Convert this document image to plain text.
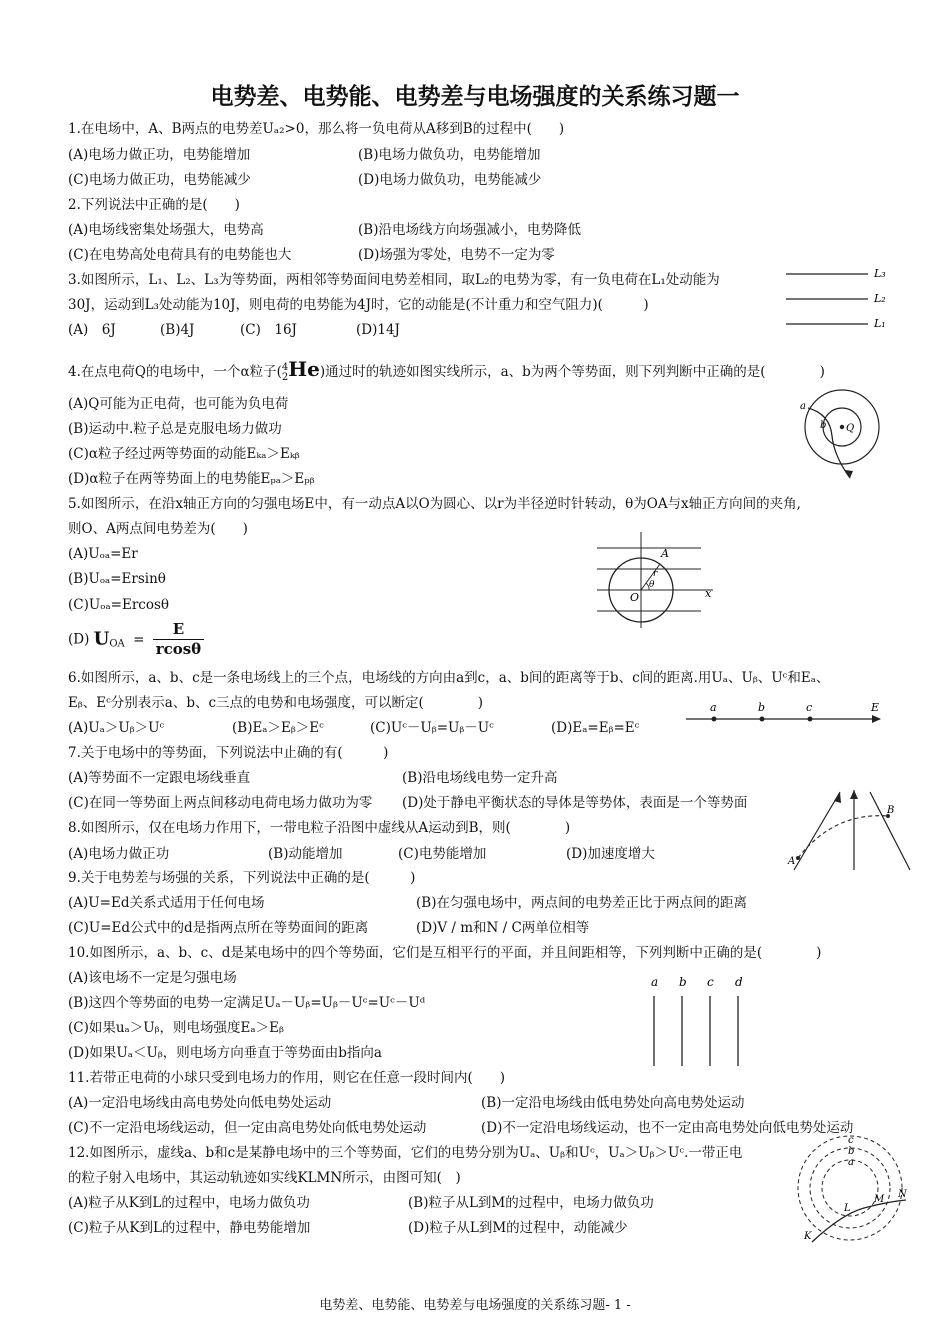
电势差、电势能、电势差与电场强度的关系练习题一
1.在电场中，A、B两点的电势差Uₐ₂>0，那么将一负电荷从A移到B的过程中(　　)
(A)电场力做正功，电势能增加	(B)电场力做负功，电势能增加
(C)电场力做正功，电势能减少	(D)电场力做负功，电势能减少
2.下列说法中正确的是(　　)
(A)电场线密集处场强大，电势高	(B)沿电场线方向场强减小，电势降低
(C)在电势高处电荷具有的电势能也大	(D)场强为零处，电势不一定为零
3.如图所示，L₁、L₂、L₃为等势面，两相邻等势面间电势差相同，取L₂的电势为零，有一负电荷在L₁处动能为
30J，运动到L₃处动能为10J，则电荷的电势能为4J时，它的动能是(不计重力和空气阻力)(　　　)
(A)　6J	(B)4J	(C)　16J	(D)14J
L₃
L₂
L₁
4.在点电荷Q的电场中，一个α粒子( 4
2 He)通过时的轨迹如图实线所示，a、b为两个等势面，则下列判断中正确的是(　　　　)
(A)Q可能为正电荷，也可能为负电荷
(B)运动中.粒子总是克服电场力做功
(C)α粒子经过两等势面的动能Eₖₐ＞Eₖᵦ
(D)α粒子在两等势面上的电势能Eₚₐ＞Eₚᵦ
a
b Q
5.如图所示，在沿x轴正方向的匀强电场E中，有一动点A以O为圆心、以r为半径逆时针转动，θ为OA与x轴正方向间的夹角,
则O、A两点间电势差为(　　)
(A)Uₒₐ=Er
(B)Uₒₐ=Ersinθ
(C)Uₒₐ=Ercosθ
(D) $U_{OA} = \frac{E}{rcos\theta}$
A
r
θ
O	x
6.如图所示，a、b、c是一条电场线上的三个点，电场线的方向由a到c，a、b间的距离等于b、c间的距离.用Uₐ、Uᵦ、Uᶜ和Eₐ、
Eᵦ、Eᶜ分别表示a、b、c三点的电势和电场强度，可以断定(　　　　)
(A)Uₐ＞Uᵦ＞Uᶜ	(B)Eₐ＞Eᵦ＞Eᶜ	(C)Uᶜ－Uᵦ=Uᵦ－Uᶜ	(D)Eₐ=Eᵦ=Eᶜ
a	b	c	E
7.关于电场中的等势面，下列说法中止确的有(　　　)
(A)等势面不一定跟电场线垂直	(B)沿电场线电势一定升高
(C)在同一等势面上两点间移动电荷电场力做功为零 (D)处于静电平衡状态的导体是等势体，表面是一个等势面
8.如图所示，仅在电场力作用下，一带电粒子沿图中虚线从A运动到B，则(　　　　)
(A)电场力做正功	(B)动能增加	(C)电势能增加	(D)加速度增大	A
B
9.关于电势差与场强的关系，下列说法中正确的是(　　　)
(A)U=Ed关系式适用于任何电场	(B)在匀强电场中，两点间的电势差正比于两点间的距离
(C)U=Ed公式中的d是指两点所在等势面间的距离	(D)V / m和N / C两单位相等
10.如图所示，a、b、c、d是某电场中的四个等势面，它们是互相平行的平面，并且间距相等，下列判断中正确的是(　　　　)
(A)该电场不一定是匀强电场
(B)这四个等势面的电势一定满足Uₐ－Uᵦ=Uᵦ－Uᶜ=Uᶜ－Uᵈ
(C)如果uₐ＞Uᵦ，则电场强度Eₐ＞Eᵦ
(D)如果Uₐ＜Uᵦ，则电场方向垂直于等势面由b指向a
a b c d
11.若带正电荷的小球只受到电场力的作用，则它在任意一段时间内(　　)
(A)一定沿电场线由高电势处向低电势处运动	(B)一定沿电场线由低电势处向高电势处运动
(C)不一定沿电场线运动，但一定由高电势处向低电势处运动	(D)不一定沿电场线运动，也不一定由高电势处向低电势处运动
12.如图所示，虚线a、b和c是某静电场中的三个等势面，它们的电势分别为Uₐ、Uᵦ和Uᶜ，Uₐ＞Uᵦ＞Uᶜ.一带正电
的粒子射入电场中，其运动轨迹如实线KLMN所示，由图可知(　)
(A)粒子从K到L的过程中，电场力做负功	(B)粒子从L到M的过程中，电场力做负功
(C)粒子从K到L的过程中，静电势能增加	(D)粒子从L到M的过程中，动能减少
c
b
a
K
L
M N
电势差、电势能、电势差与电场强度的关系练习题- 1 -
